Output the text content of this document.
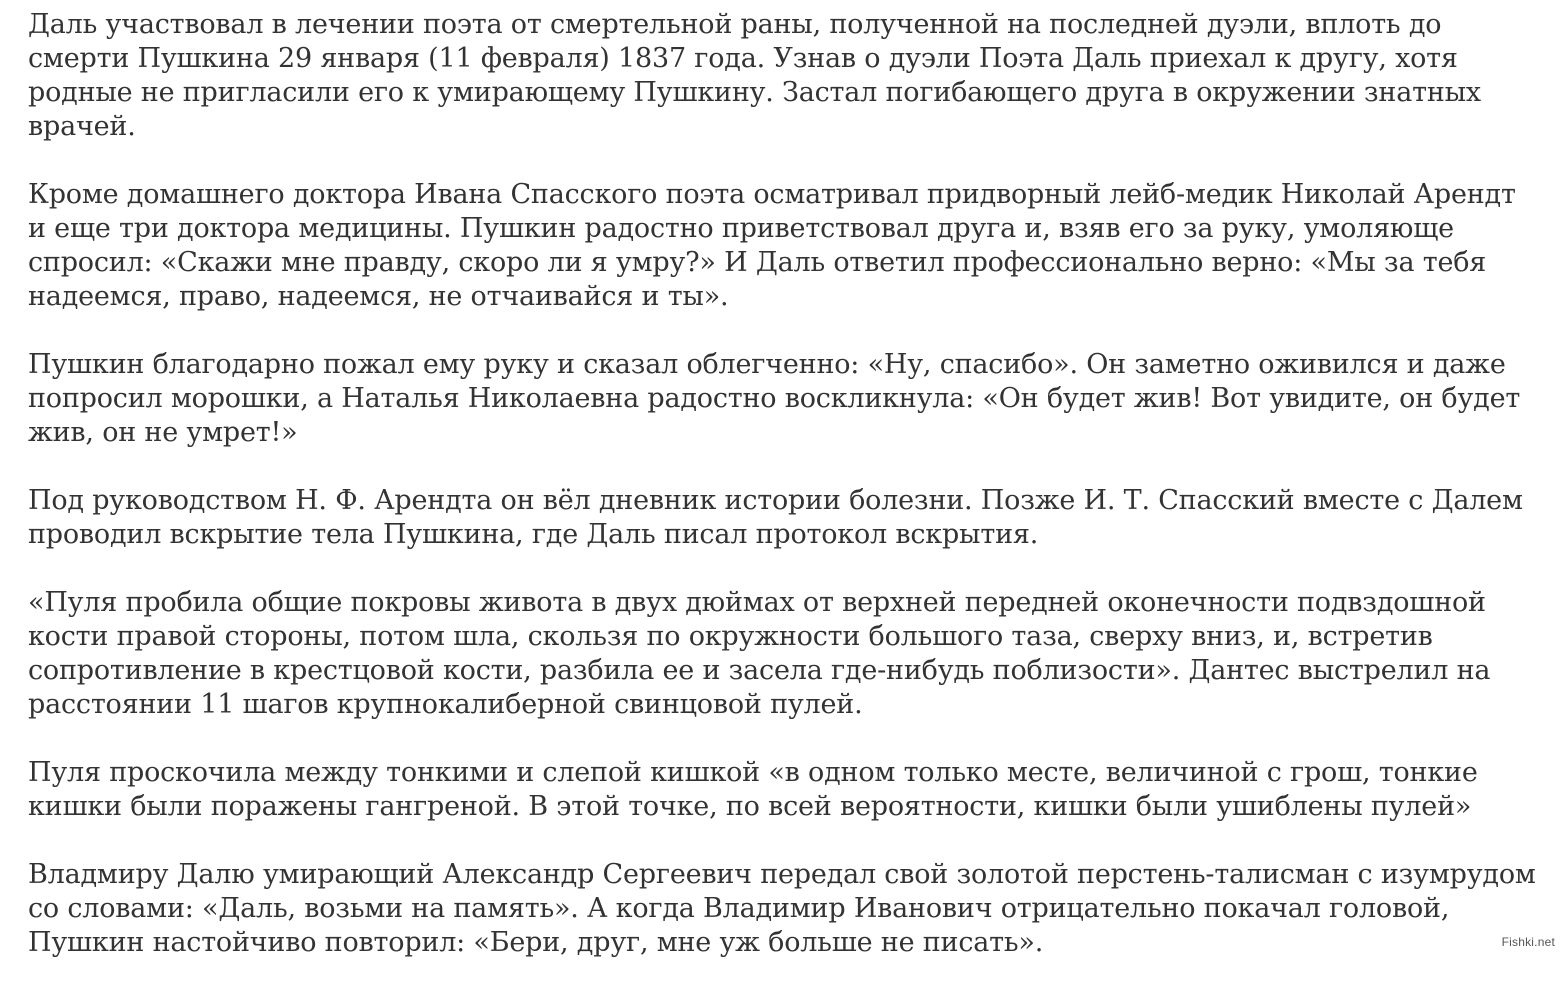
Даль участвовал в лечении поэта от смертельной раны, полученной на последней дуэли, вплоть до смерти Пушкина 29 января (11 февраля) 1837 года. Узнав о дуэли Поэта Даль приехал к другу, хотя родные не пригласили его к умирающему Пушкину. Застал погибающего друга в окружении знатных врачей.

Кроме домашнего доктора Ивана Спасского поэта осматривал придворный лейб-медик Николай Арендт и еще три доктора медицины. Пушкин радостно приветствовал друга и, взяв его за руку, умоляюще спросил: «Скажи мне правду, скоро ли я умру?» И Даль ответил профессионально верно: «Мы за тебя надеемся, право, надеемся, не отчаивайся и ты».

Пушкин благодарно пожал ему руку и сказал облегченно: «Ну, спасибо». Он заметно оживился и даже попросил морошки, а Наталья Николаевна радостно воскликнула: «Он будет жив! Вот увидите, он будет жив, он не умрет!»

Под руководством Н. Ф. Арендта он вёл дневник истории болезни. Позже И. Т. Спасский вместе с Далем проводил вскрытие тела Пушкина, где Даль писал протокол вскрытия.

«Пуля пробила общие покровы живота в двух дюймах от верхней передней оконечности подвздошной кости правой стороны, потом шла, скользя по окружности большого таза, сверху вниз, и, встретив сопротивление в крестцовой кости, разбила ее и засела где-нибудь поблизости». Дантес выстрелил на расстоянии 11 шагов крупнокалиберной свинцовой пулей.

Пуля проскочила между тонкими и слепой кишкой «в одном только месте, величиной с грош, тонкие кишки были поражены гангреной. В этой точке, по всей вероятности, кишки были ушиблены пулей»

Владмиру Далю умирающий Александр Сергеевич передал свой золотой перстень-талисман с изумрудом со словами: «Даль, возьми на память». А когда Владимир Иванович отрицательно покачал головой, Пушкин настойчиво повторил: «Бери, друг, мне уж больше не писать».	Fishki.net
